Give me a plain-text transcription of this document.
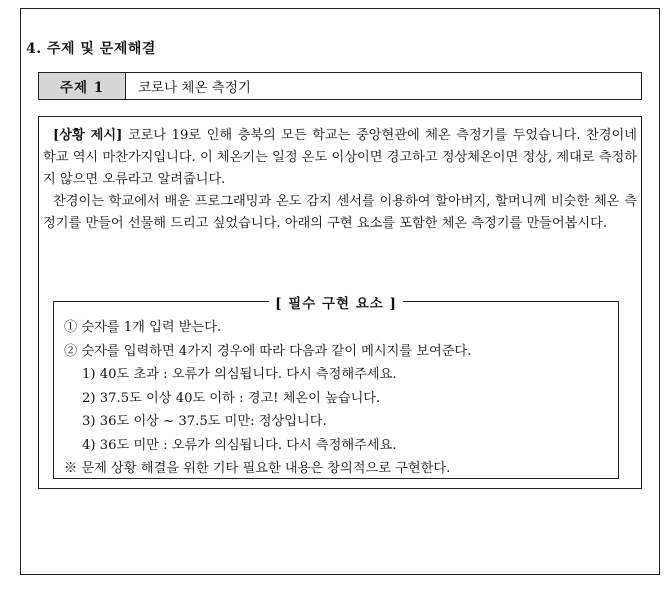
4. 주제 및 문제해결
주제 1	코로나 체온 측정기

[상황 제시] 코로나 19로 인해 충북의 모든 학교는 중앙현관에 체온 측정기를 두었습니다. 찬경이네 학교 역시 마찬가지입니다. 이 체온기는 일정 온도 이상이면 경고하고 정상체온이면 정상, 제대로 측정하지 않으면 오류라고 알려줍니다.

찬경이는 학교에서 배운 프로그래밍과 온도 감지 센서를 이용하여 할아버지, 할머니께 비슷한 체온 측정기를 만들어 선물해 드리고 싶었습니다. 아래의 구현 요소를 포함한 체온 측정기를 만들어봅시다.

[ 필수 구현 요소 ]
① 숫자를 1개 입력 받는다.
② 숫자를 입력하면 4가지 경우에 따라 다음과 같이 메시지를 보여준다.
1) 40도 초과 : 오류가 의심됩니다. 다시 측정해주세요.
2) 37.5도 이상 40도 이하 : 경고! 체온이 높습니다.
3) 36도 이상 ~ 37.5도 미만: 정상입니다.
4) 36도 미만 : 오류가 의심됩니다. 다시 측정해주세요.
※ 문제 상황 해결을 위한 기타 필요한 내용은 창의적으로 구현한다.
